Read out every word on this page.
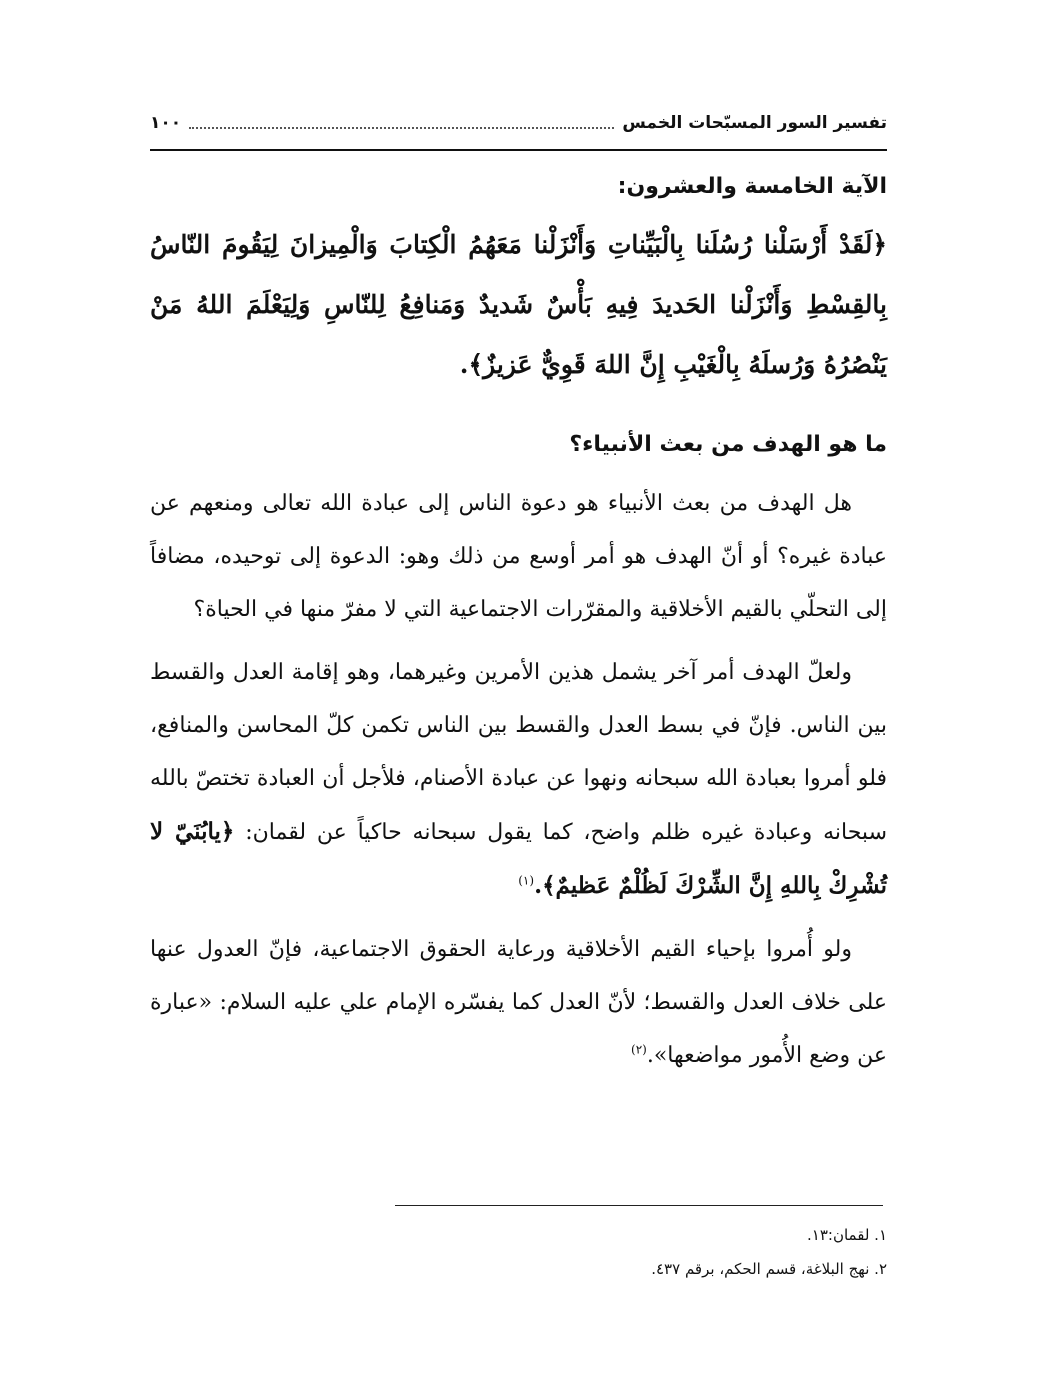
١٠٠	تفسير السور المسبّحات الخمس
الآية الخامسة والعشرون:
﴿لَقَدْ أَرْسَلْنا رُسُلَنا بِالْبَيِّناتِ وَأَنْزَلْنا مَعَهُمُ الْكِتابَ وَالْمِيزانَ لِيَقُومَ النّاسُ بِالقِسْطِ وَأَنْزَلْنا الحَديدَ فِيهِ بَأْسٌ شَديدٌ وَمَنافِعُ لِلنّاسِ وَلِيَعْلَمَ اللهُ مَنْ يَنْصُرُهُ وَرُسلَهُ بِالْغَيْبِ إِنَّ اللهَ قَوِيٌّ عَزيزٌ﴾.
ما هو الهدف من بعث الأنبياء؟

هل الهدف من بعث الأنبياء هو دعوة الناس إلى عبادة الله تعالى ومنعهم عن عبادة غيره؟ أو أنّ الهدف هو أمر أوسع من ذلك وهو: الدعوة إلى توحيده، مضافاً إلى التحلّي بالقيم الأخلاقية والمقرّرات الاجتماعية التي لا مفرّ منها في الحياة؟

ولعلّ الهدف أمر آخر يشمل هذين الأمرين وغيرهما، وهو إقامة العدل والقسط بين الناس. فإنّ في بسط العدل والقسط بين الناس تكمن كلّ المحاسن والمنافع، فلو أمروا بعبادة الله سبحانه ونهوا عن عبادة الأصنام، فلأجل أن العبادة تختصّ بالله سبحانه وعبادة غيره ظلم واضح، كما يقول سبحانه حاكياً عن لقمان: ﴿يابُنَيّ لا تُشْرِكْ بِاللهِ إِنَّ الشِّرْكَ لَظُلْمٌ عَظيمٌ﴾.$^{(١)}$

ولو أُمروا بإحياء القيم الأخلاقية ورعاية الحقوق الاجتماعية، فإنّ العدول عنها على خلاف العدل والقسط؛ لأنّ العدل كما يفسّره الإمام علي عليه السلام: «عبارة عن وضع الأُمور مواضعها».$^{(٢)}$

١. لقمان:١٣.
٢. نهج البلاغة، قسم الحكم، برقم ٤٣٧.
